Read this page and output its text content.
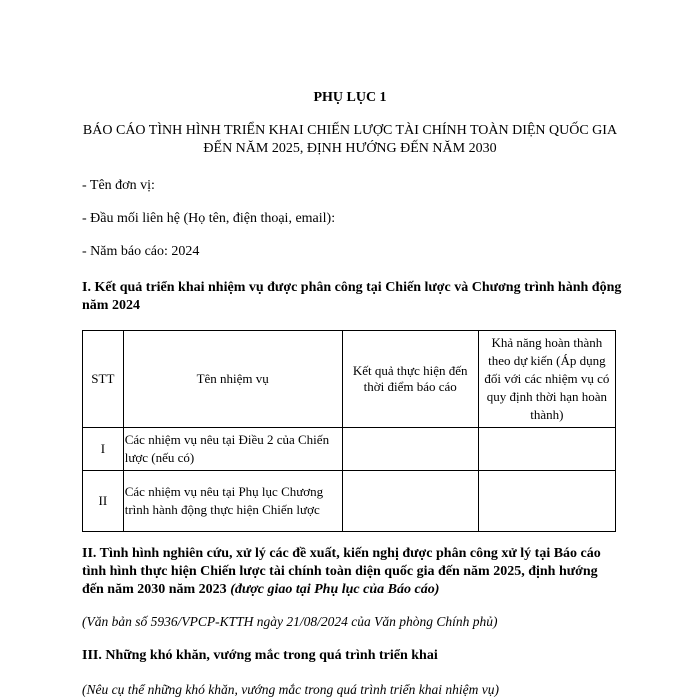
PHỤ LỤC 1
BÁO CÁO TÌNH HÌNH TRIỂN KHAI CHIẾN LƯỢC TÀI CHÍNH TOÀN DIỆN QUỐC GIA ĐẾN NĂM 2025, ĐỊNH HƯỚNG ĐẾN NĂM 2030
- Tên đơn vị:
- Đầu mối liên hệ (Họ tên, điện thoại, email):
- Năm báo cáo: 2024
I. Kết quả triển khai nhiệm vụ được phân công tại Chiến lược và Chương trình hành động năm 2024
STT	Tên nhiệm vụ	Kết quả thực hiện đến thời điểm báo cáo	Khả năng hoàn thành theo dự kiến (Áp dụng đối với các nhiệm vụ có quy định thời hạn hoàn thành)
I	Các nhiệm vụ nêu tại Điều 2 của Chiến lược (nếu có)		
II	Các nhiệm vụ nêu tại Phụ lục Chương trình hành động thực hiện Chiến lược		
II. Tình hình nghiên cứu, xử lý các đề xuất, kiến nghị được phân công xử lý tại Báo cáo tình hình thực hiện Chiến lược tài chính toàn diện quốc gia đến năm 2025, định hướng đến năm 2030 năm 2023 (được giao tại Phụ lục của Báo cáo)
(Văn bản số 5936/VPCP-KTTH ngày 21/08/2024 của Văn phòng Chính phủ)
III. Những khó khăn, vướng mắc trong quá trình triển khai
(Nêu cụ thể những khó khăn, vướng mắc trong quá trình triển khai nhiệm vụ)
